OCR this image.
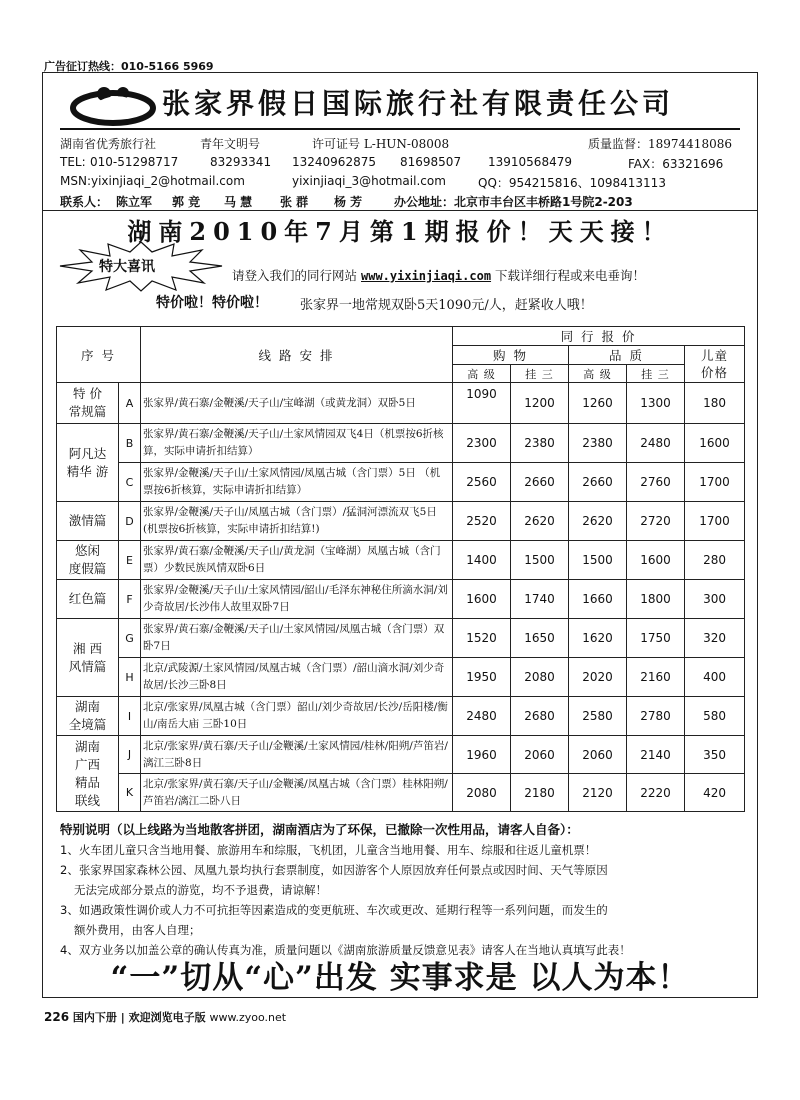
广告征订热线：010-5166 5969
张家界假日国际旅行社有限责任公司
湖南省优秀旅行社	青年文明号	许可证号 L-HUN-08008	质量监督：18974418086
TEL: 010-51298717	83293341 13240962875 81698507 13910568479	FAX：63321696
MSN:yixinjiaqi_2@hotmail.com	yixinjiaqi_3@hotmail.com	QQ：954215816、1098413113
联系人： 陈立军 郭 竞 马 慧 张 群 杨 芳	办公地址：北京市丰台区丰桥路1号院2-203
湖南2010年7月第1期报价！天天接！
特大喜讯
请登入我们的同行网站 www.yixinjiaqi.com 下载详细行程或来电垂询！
特价啦！特价啦！ 张家界一地常规双卧5天1090元/人，赶紧收人哦！
序 号		线 路 安 排	同 行 报 价				
			购 物		品 质		儿童
价格
			高 级	挂 三	高 级	挂 三	
特 价
常规篇	A	张家界/黄石寨/金鞭溪/天子山/宝峰湖（或黄龙洞）双卧5日	1090	1200	1260	1300	180
阿凡达
精华 游	B	张家界/黄石寨/金鞭溪/天子山/土家风情园双飞4日（机票按6折核算，实际申请折扣结算）	2300	2380	2380	2480	1600
	C	张家界/金鞭溪/天子山/土家风情园/凤凰古城（含门票）5日 （机票按6折核算，实际申请折扣结算）	2560	2660	2660	2760	1700
激情篇	D	张家界/金鞭溪/天子山/凤凰古城（含门票）/猛洞河漂流双飞5日(机票按6折核算，实际申请折扣结算!)	2520	2620	2620	2720	1700
悠闲
度假篇	E	张家界/黄石寨/金鞭溪/天子山/黄龙洞（宝峰湖）凤凰古城（含门票）少数民族风情双卧6日	1400	1500	1500	1600	280
红色篇	F	张家界/金鞭溪/天子山/土家风情园/韶山/毛泽东神秘住所滴水洞/刘少奇故居/长沙伟人故里双卧7日	1600	1740	1660	1800	300
湘 西
风情篇	G	张家界/黄石寨/金鞭溪/天子山/土家风情园/凤凰古城（含门票）双卧7日	1520	1650	1620	1750	320
	H	北京/武陵源/土家风情园/凤凰古城（含门票）/韶山滴水洞/刘少奇故居/长沙三卧8日	1950	2080	2020	2160	400
湖南
全境篇	I	北京/张家界/凤凰古城（含门票）韶山/刘少奇故居/长沙/岳阳楼/衡山/南岳大庙 三卧10日	2480	2680	2580	2780	580
湖南
广西
精品
联线	J	北京/张家界/黄石寨/天子山/金鞭溪/土家风情园/桂林/阳朔/芦笛岩/漓江三卧8日	1960	2060	2060	2140	350
	K	北京/张家界/黄石寨/天子山/金鞭溪/凤凰古城（含门票）桂林阳朔/芦笛岩/漓江二卧八日	2080	2180	2120	2220	420

特别说明（以上线路为当地散客拼团，湖南酒店为了环保，已撤除一次性用品，请客人自备）：

1、火车团儿童只含当地用餐、旅游用车和综服，飞机团，儿童含当地用餐、用车、综服和往返儿童机票！

2、张家界国家森林公园、凤凰九景均执行套票制度，如因游客个人原因放弃任何景点或因时间、天气等原因

无法完成部分景点的游览，均不予退费，请谅解！

3、如遇政策性调价或人力不可抗拒等因素造成的变更航班、车次或更改、延期行程等一系列问题，而发生的

额外费用，由客人自理；

4、双方业务以加盖公章的确认传真为准，质量问题以《湖南旅游质量反馈意见表》请客人在当地认真填写此表！

“一”切从“心”出发 实事求是 以人为本！
226 国内下册 | 欢迎浏览电子版 www.zyoo.net
